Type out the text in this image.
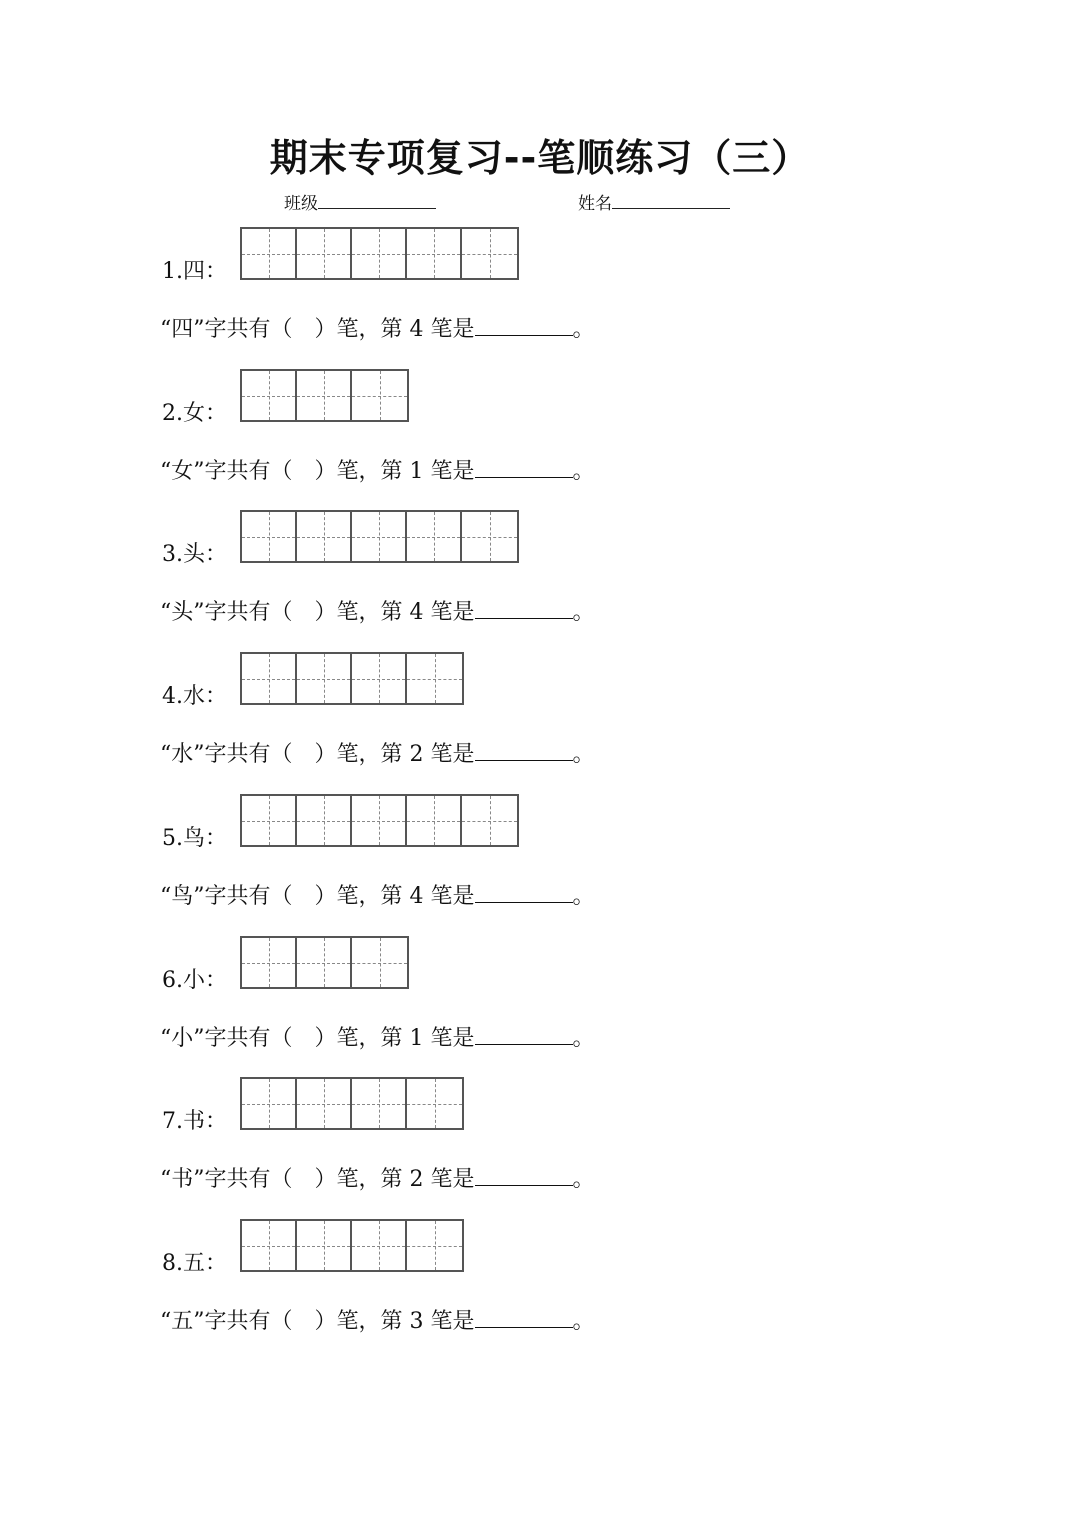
期末专项复习--笔顺练习（三）
班级	姓名
1.四：
“四”字共有（　）笔，第 4 笔是	。
2.女：
“女”字共有（　）笔，第 1 笔是	。
3.头：
“头”字共有（　）笔，第 4 笔是	。
4.水：
“水”字共有（　）笔，第 2 笔是	。
5.鸟：
“鸟”字共有（　）笔，第 4 笔是	。
6.小：
“小”字共有（　）笔，第 1 笔是	。
7.书：
“书”字共有（　）笔，第 2 笔是	。
8.五：
“五”字共有（　）笔，第 3 笔是	。
